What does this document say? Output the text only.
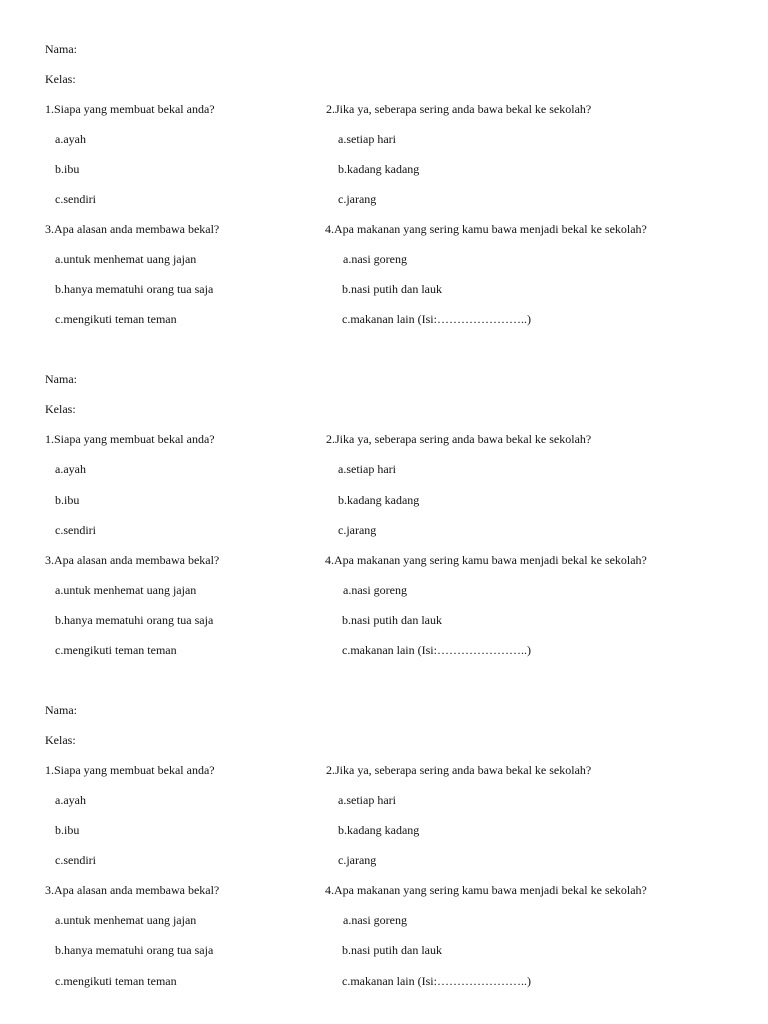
Nama:
Kelas:
1.Siapa yang membuat bekal anda?
a.ayah
b.ibu
c.sendiri
2.Jika ya, seberapa sering anda bawa bekal ke sekolah?
a.setiap hari
b.kadang kadang
c.jarang
3.Apa alasan anda membawa bekal?
a.untuk menhemat uang jajan
b.hanya mematuhi orang tua saja
c.mengikuti teman teman
4.Apa makanan yang sering kamu bawa menjadi bekal ke sekolah?
a.nasi goreng
b.nasi putih dan lauk
c.makanan lain (Isi:…………………..)
Nama:
Kelas:
1.Siapa yang membuat bekal anda?
a.ayah
b.ibu
c.sendiri
2.Jika ya, seberapa sering anda bawa bekal ke sekolah?
a.setiap hari
b.kadang kadang
c.jarang
3.Apa alasan anda membawa bekal?
a.untuk menhemat uang jajan
b.hanya mematuhi orang tua saja
c.mengikuti teman teman
4.Apa makanan yang sering kamu bawa menjadi bekal ke sekolah?
a.nasi goreng
b.nasi putih dan lauk
c.makanan lain (Isi:…………………..)
Nama:
Kelas:
1.Siapa yang membuat bekal anda?
a.ayah
b.ibu
c.sendiri
2.Jika ya, seberapa sering anda bawa bekal ke sekolah?
a.setiap hari
b.kadang kadang
c.jarang
3.Apa alasan anda membawa bekal?
a.untuk menhemat uang jajan
b.hanya mematuhi orang tua saja
c.mengikuti teman teman
4.Apa makanan yang sering kamu bawa menjadi bekal ke sekolah?
a.nasi goreng
b.nasi putih dan lauk
c.makanan lain (Isi:…………………..)
